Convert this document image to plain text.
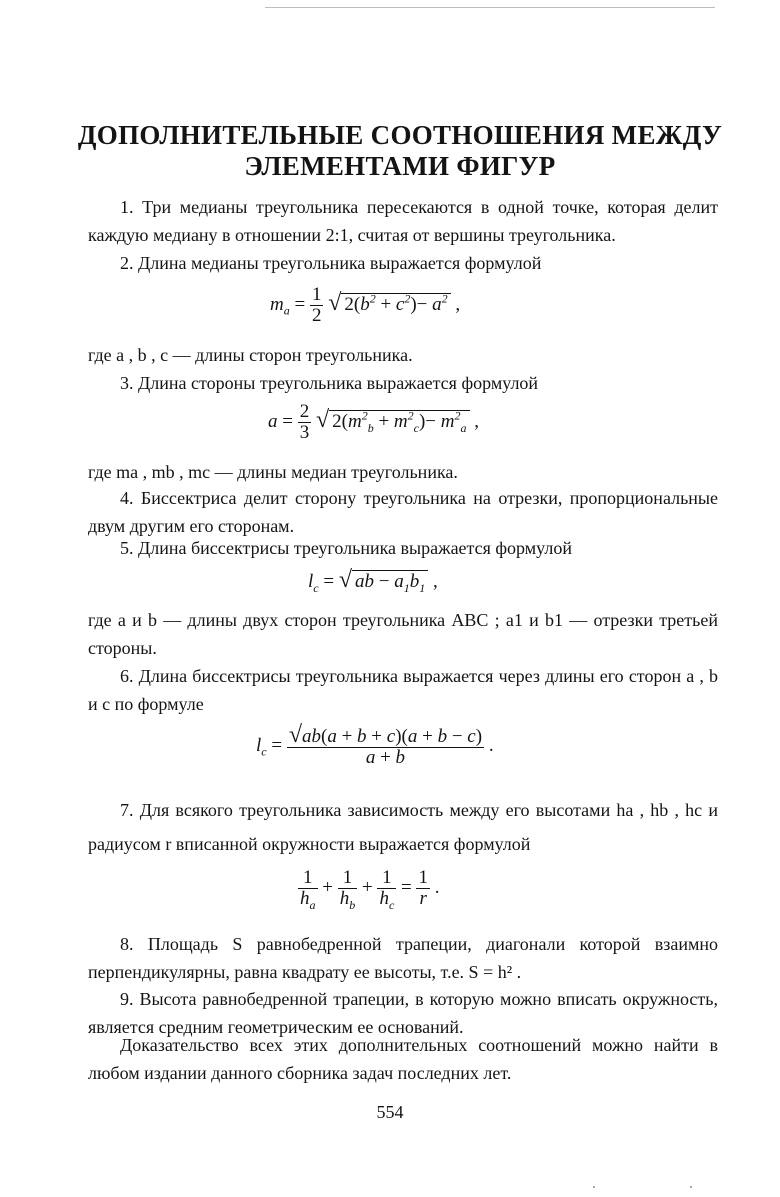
ДОПОЛНИТЕЛЬНЫЕ СООТНОШЕНИЯ МЕЖДУ
ЭЛЕМЕНТАМИ ФИГУР

1. Три медианы треугольника пересекаются в одной точке, которая делит каждую медиану в отношении 2:1, считая от вершины треугольника.

2. Длина медианы треугольника выражается формулой

$m_a = \frac{1}{2}$ √ $2(b^2 + c^2)- a^2$ ,

где a , b , c — длины сторон треугольника.

3. Длина стороны треугольника выражается формулой

$a = \frac{2}{3}$ √ $2(m^2_b + m^2_c)- m^2_a$ ,

где ma , mb , mc — длины медиан треугольника.

4. Биссектриса делит сторону треугольника на отрезки, пропорциональные двум другим его сторонам.

5. Длина биссектрисы треугольника выражается формулой

$l_c$ = √ ab − $a_1b_1$ ,

где a и b — длины двух сторон треугольника ABC ; a1 и b1 — отрезки третьей стороны.

6. Длина биссектрисы треугольника выражается через длины его сторон a , b и c по формуле

$l_c = \frac{√ab(a + b + c)(a + b - c)}{a + b}$ .

7. Для всякого треугольника зависимость между его высотами ha , hb , hc и радиусом r вписанной окружности выражается формулой

$\frac{1}{h_a} + \frac{1}{h_b} + \frac{1}{h_c} = \frac{1}{r}$ .

8. Площадь S равнобедренной трапеции, диагонали которой взаимно перпендикулярны, равна квадрату ее высоты, т.е. S = h² .

9. Высота равнобедренной трапеции, в которую можно вписать окружность, является средним геометрическим ее оснований.

Доказательство всех этих дополнительных соотношений можно найти в любом издании данного сборника задач последних лет.

554
